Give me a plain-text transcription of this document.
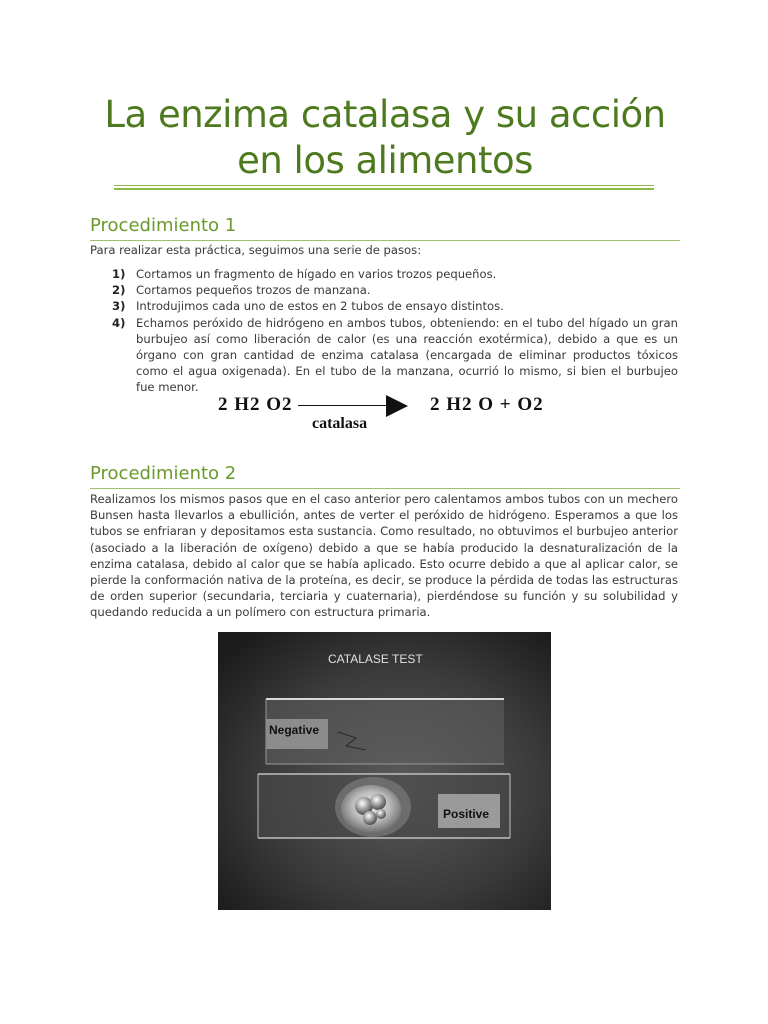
La enzima catalasa y su acción
en los alimentos
Procedimiento 1

Para realizar esta práctica, seguimos una serie de pasos:

1) Cortamos un fragmento de hígado en varios trozos pequeños.
2) Cortamos pequeños trozos de manzana.
3) Introdujimos cada uno de estos en 2 tubos de ensayo distintos.
4) Echamos peróxido de hidrógeno en ambos tubos, obteniendo: en el tubo del hígado un gran burbujeo así como liberación de calor (es una reacción exotérmica), debido a que es un órgano con gran cantidad de enzima catalasa (encargada de eliminar productos tóxicos como el agua oxigenada). En el tubo de la manzana, ocurrió lo mismo, si bien el burbujeo fue menor.
2 H2 O2
catalasa
2 H2 O + O2
Procedimiento 2

Realizamos los mismos pasos que en el caso anterior pero calentamos ambos tubos con un mechero Bunsen hasta llevarlos a ebullición, antes de verter el peróxido de hidrógeno. Esperamos a que los tubos se enfriaran y depositamos esta sustancia. Como resultado, no obtuvimos el burbujeo anterior (asociado a la liberación de oxígeno) debido a que se había producido la desnaturalización de la enzima catalasa, debido al calor que se había aplicado. Esto ocurre debido a que al aplicar calor, se pierde la conformación nativa de la proteína, es decir, se produce la pérdida de todas las estructuras de orden superior (secundaria, terciaria y cuaternaria), pierdéndose su función y su solubilidad y quedando reducida a un polímero con estructura primaria.

CATALASE TEST
Negative
Positive
